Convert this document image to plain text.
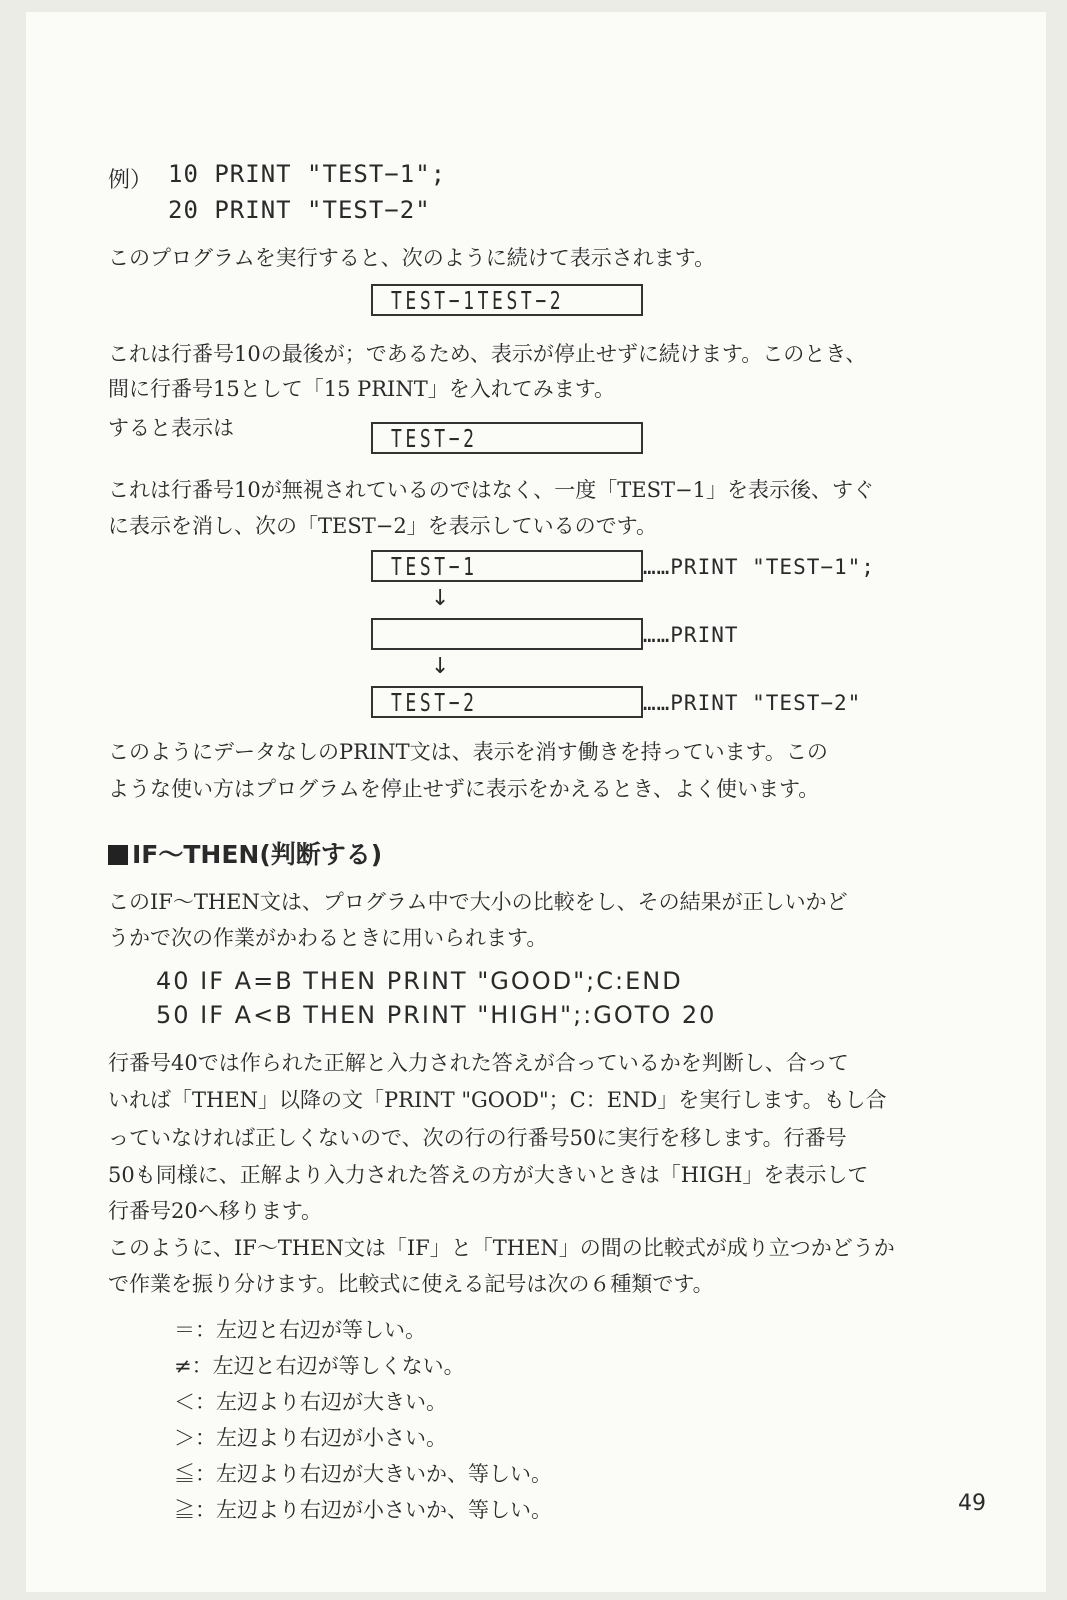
例） 10 PRINT "TEST−1";
20 PRINT "TEST−2"
このプログラムを実行すると、次のように続けて表示されます。
TEST−1TEST−2
これは行番号10の最後が；であるため、表示が停止せずに続けます。このとき、
間に行番号15として「15 PRINT」を入れてみます。
すると表示は	TEST−2
これは行番号10が無視されているのではなく、一度「TEST−1」を表示後、すぐ
に表示を消し、次の「TEST−2」を表示しているのです。
TEST−1	……PRINT "TEST−1";
↓
……PRINT
↓
TEST−2	……PRINT "TEST−2"
このようにデータなしのPRINT文は、表示を消す働きを持っています。この
ような使い方はプログラムを停止せずに表示をかえるとき、よく使います。
IF～THEN(判断する)
このIF～THEN文は、プログラム中で大小の比較をし、その結果が正しいかど
うかで次の作業がかわるときに用いられます。
40 IF A=B THEN PRINT "GOOD";C:END
50 IF A<B THEN PRINT "HIGH";:GOTO 20
行番号40では作られた正解と入力された答えが合っているかを判断し、合って
いれば「THEN」以降の文「PRINT "GOOD"；C：END」を実行します。もし合
っていなければ正しくないので、次の行の行番号50に実行を移します。行番号
50も同様に、正解より入力された答えの方が大きいときは「HIGH」を表示して
行番号20へ移ります。
このように、IF～THEN文は「IF」と「THEN」の間の比較式が成り立つかどうか
で作業を振り分けます。比較式に使える記号は次の６種類です。
＝：左辺と右辺が等しい。
≠：左辺と右辺が等しくない。
＜：左辺より右辺が大きい。
＞：左辺より右辺が小さい。
≦：左辺より右辺が大きいか、等しい。
≧：左辺より右辺が小さいか、等しい。	49
